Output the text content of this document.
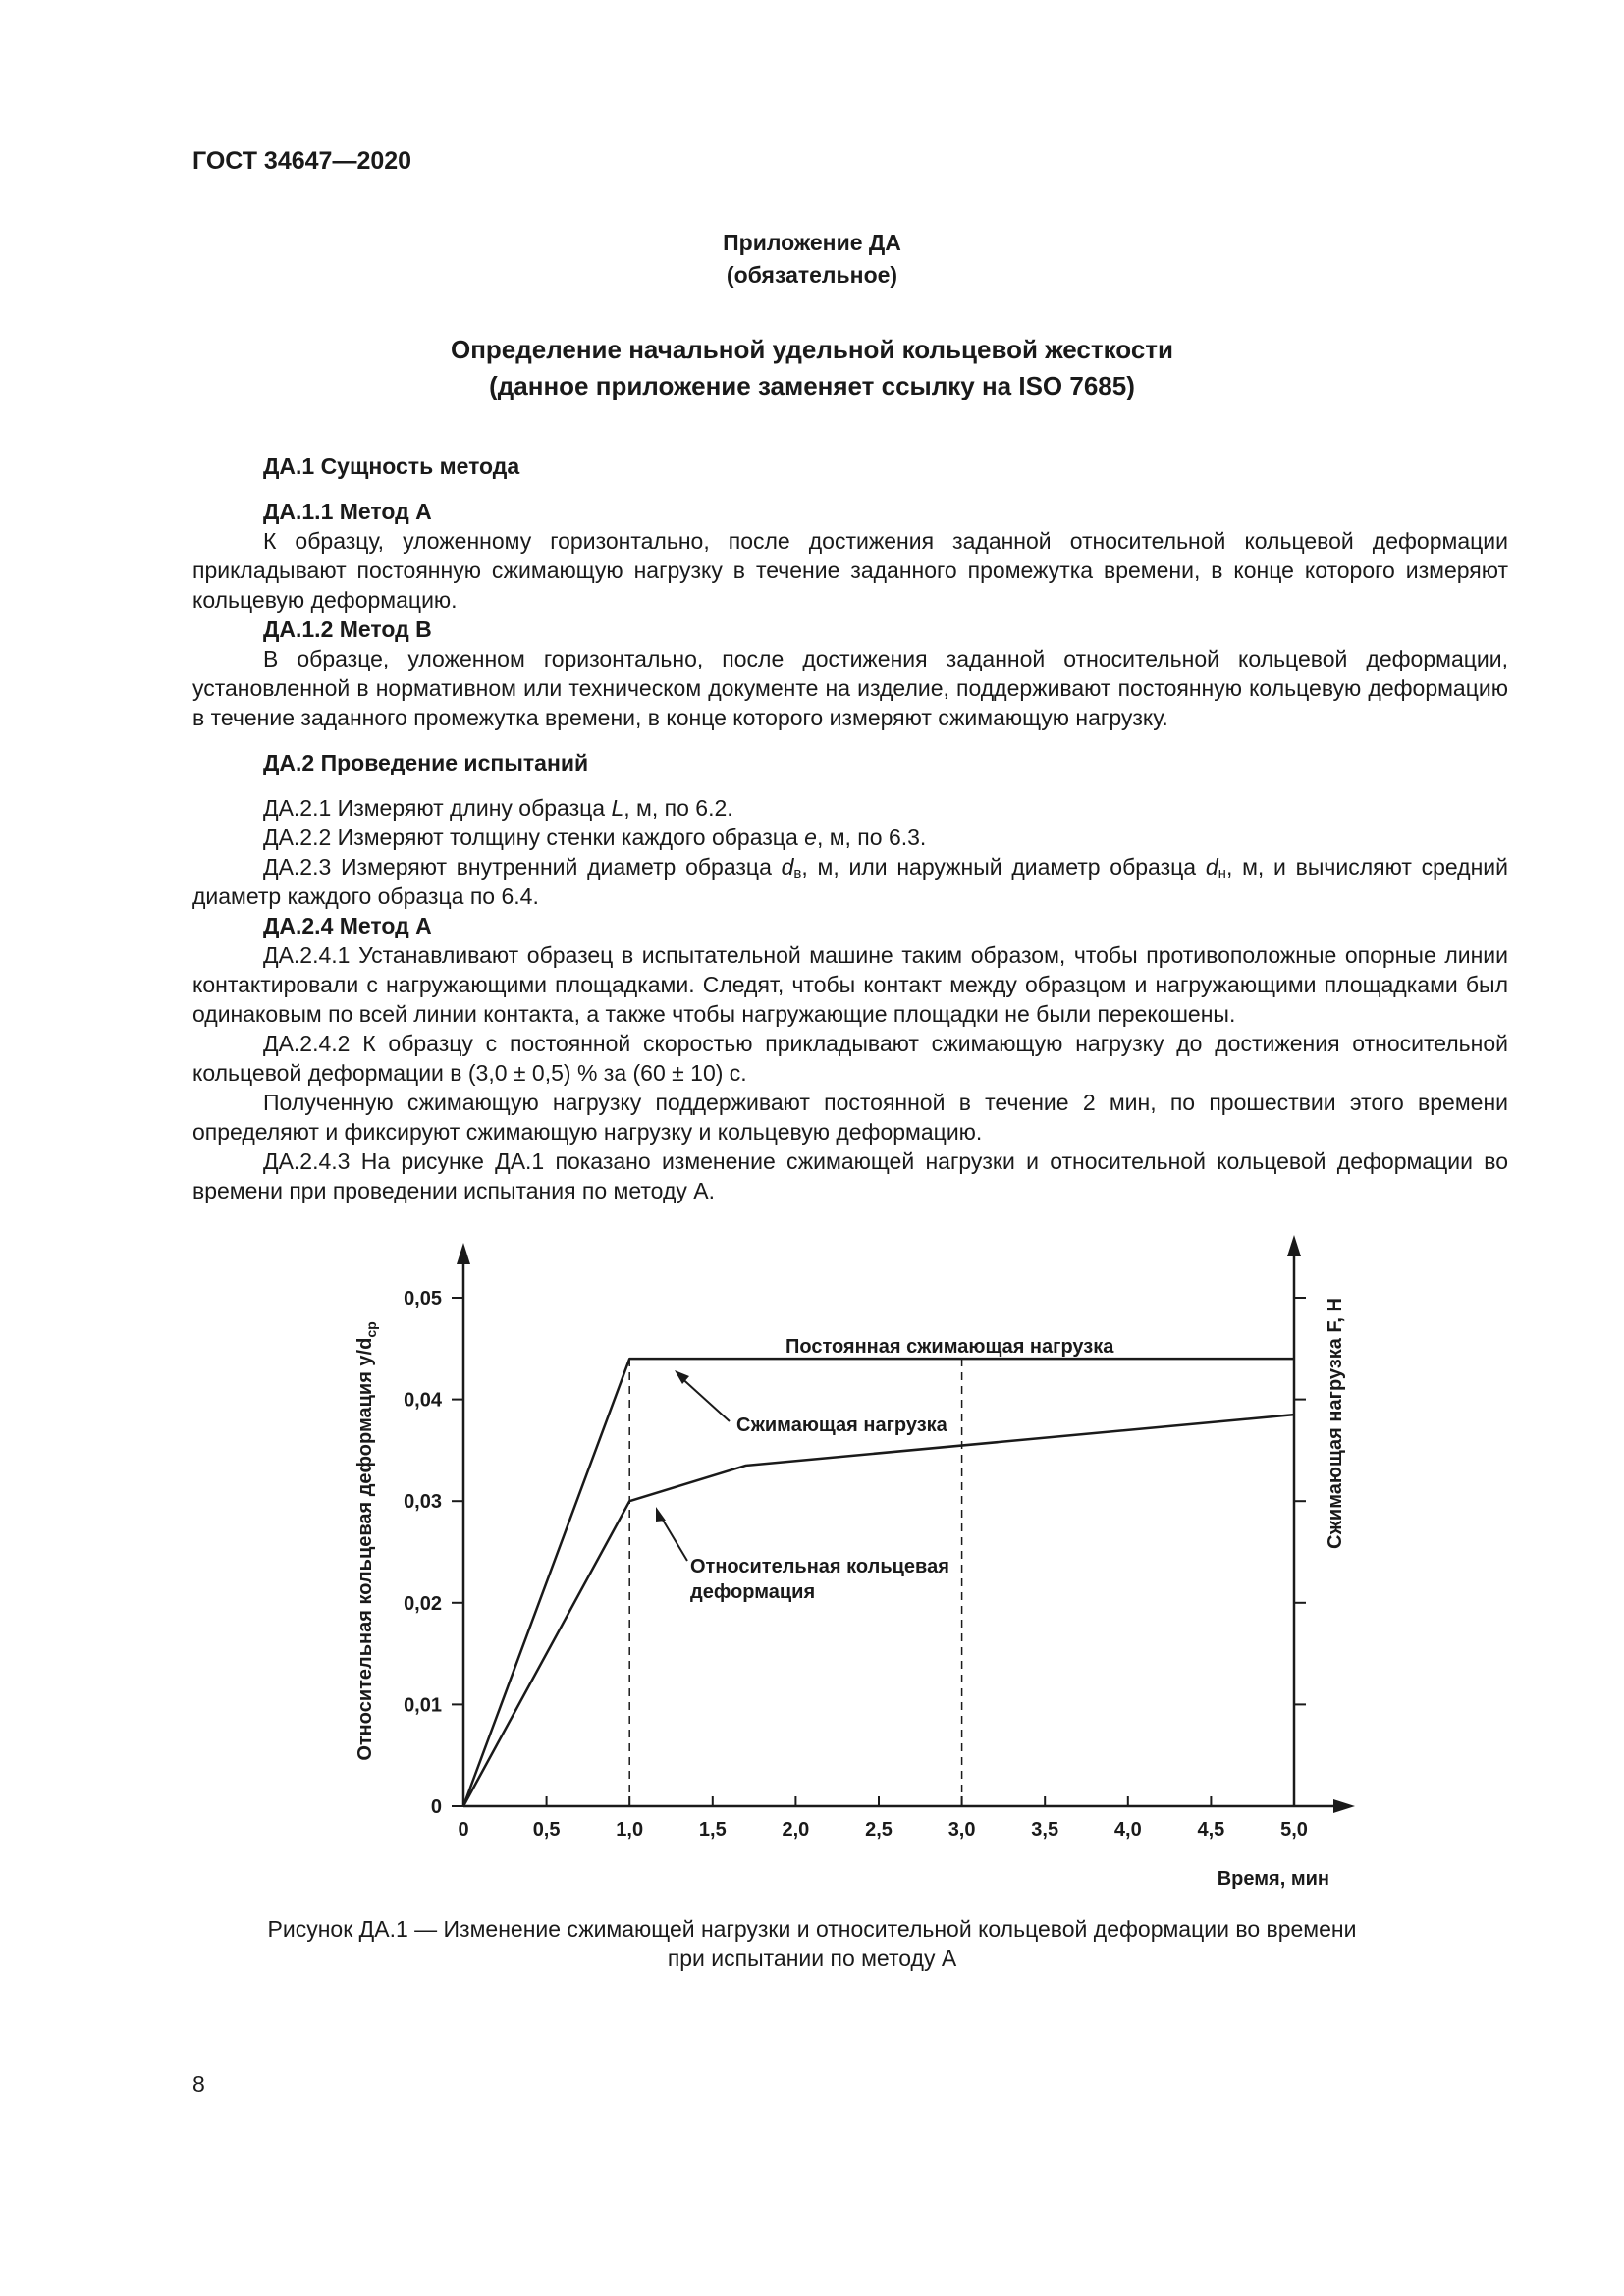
ГОСТ 34647—2020
Приложение ДА
(обязательное)
Определение начальной удельной кольцевой жесткости
(данное приложение заменяет ссылку на ISO 7685)

ДА.1 Сущность метода

ДА.1.1 Метод А

К образцу, уложенному горизонтально, после достижения заданной относительной кольцевой деформации прикладывают постоянную сжимающую нагрузку в течение заданного промежутка времени, в конце которого измеряют кольцевую деформацию.

ДА.1.2 Метод В

В образце, уложенном горизонтально, после достижения заданной относительной кольцевой деформации, установленной в нормативном или техническом документе на изделие, поддерживают постоянную кольцевую деформацию в течение заданного промежутка времени, в конце которого измеряют сжимающую нагрузку.

ДА.2 Проведение испытаний

ДА.2.1 Измеряют длину образца L, м, по 6.2.

ДА.2.2 Измеряют толщину стенки каждого образца e, м, по 6.3.

ДА.2.3 Измеряют внутренний диаметр образца $d_в$, м, или наружный диаметр образца $d_н$, м, и вычисляют средний диаметр каждого образца по 6.4.

ДА.2.4 Метод А

ДА.2.4.1 Устанавливают образец в испытательной машине таким образом, чтобы противоположные опорные линии контактировали с нагружающими площадками. Следят, чтобы контакт между образцом и нагружающими площадками был одинаковым по всей линии контакта, а также чтобы нагружающие площадки не были перекошены.

ДА.2.4.2 К образцу с постоянной скоростью прикладывают сжимающую нагрузку до достижения относительной кольцевой деформации в (3,0 ± 0,5) % за (60 ± 10) с.

Полученную сжимающую нагрузку поддерживают постоянной в течение 2 мин, по прошествии этого времени определяют и фиксируют сжимающую нагрузку и кольцевую деформацию.

ДА.2.4.3 На рисунке ДА.1 показано изменение сжимающей нагрузки и относительной кольцевой деформации во времени при проведении испытания по методу А.

0	0,5	1,0	1,5	2,0	2,5	3,0	3,5	4,0	4,5	5,0
0
0,01
0,02
0,03
0,04
0,05
Постоянная сжимающая нагрузка
Сжимающая нагрузка
Относительная кольцевая
деформация
Время, мин
Относительная кольцевая деформация $y/d_{ср}$	Сжимающая нагрузка F, Н
Рисунок ДА.1 — Изменение сжимающей нагрузки и относительной кольцевой деформации во времени
при испытании по методу А
8
